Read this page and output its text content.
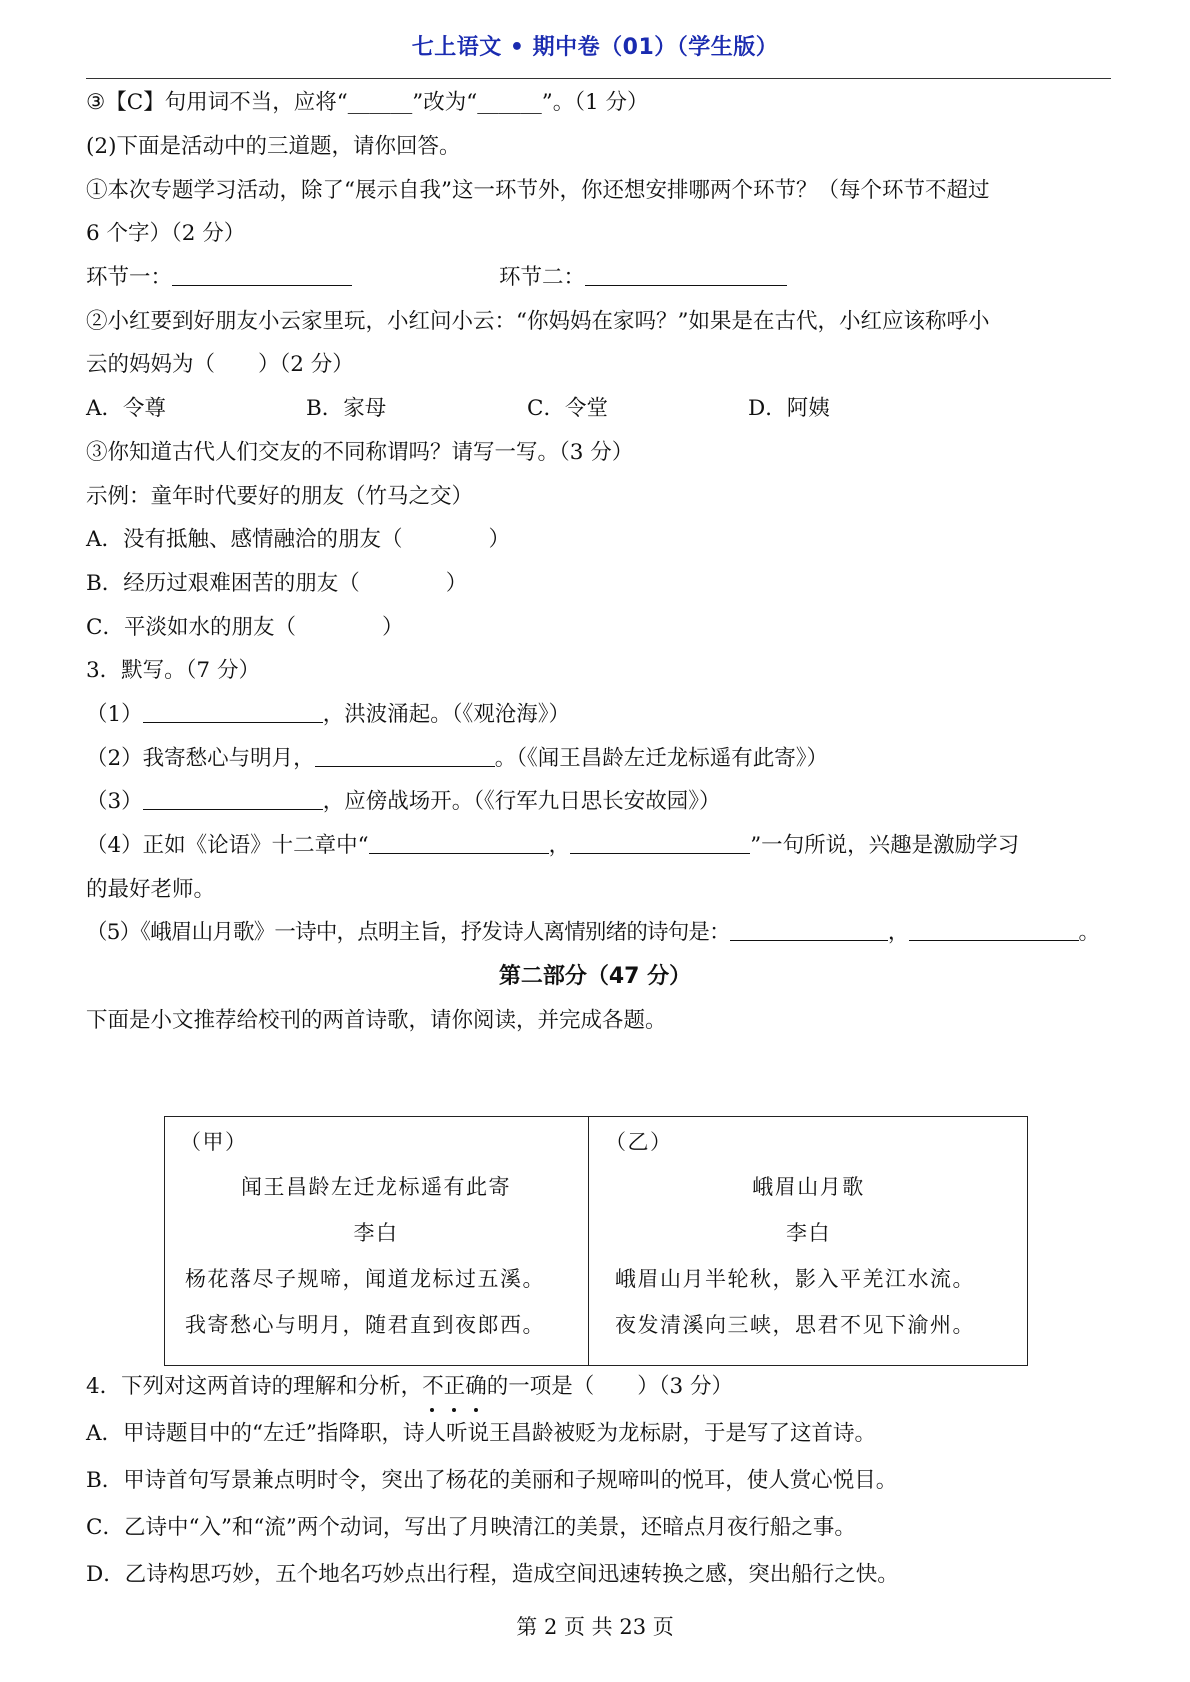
七上语文 • 期中卷（01）（学生版）
③【C】句用词不当，应将“______”改为“______”。（1 分）
(2)下面是活动中的三道题，请你回答。
①本次专题学习活动，除了“展示自我”这一环节外，你还想安排哪两个环节？（每个环节不超过
6 个字）（2 分）
环节一：	环节二：
②小红要到好朋友小云家里玩，小红问小云：“你妈妈在家吗？”如果是在古代，小红应该称呼小
云的妈妈为（　　）（2 分）
A．令尊	B．家母	C．令堂	D．阿姨
③你知道古代人们交友的不同称谓吗？请写一写。（3 分）
示例：童年时代要好的朋友（竹马之交）
A．没有抵触、感情融洽的朋友（　　　　）
B．经历过艰难困苦的朋友（　　　　）
C．平淡如水的朋友（　　　　）
3．默写。（7 分）
（1）	，洪波涌起。（《观沧海》）
（2）我寄愁心与明月，	。（《闻王昌龄左迁龙标遥有此寄》）
（3）	，应傍战场开。（《行军九日思长安故园》）
（4）正如《论语》十二章中“	，	”一句所说，兴趣是激励学习
的最好老师。
（5）《峨眉山月歌》一诗中，点明主旨，抒发诗人离情别绪的诗句是：	，	。
第二部分（47 分）
下面是小文推荐给校刊的两首诗歌，请你阅读，并完成各题。
（甲）
闻王昌龄左迁龙标遥有此寄
李白
杨花落尽子规啼，闻道龙标过五溪。
我寄愁心与明月，随君直到夜郎西。
（乙）
峨眉山月歌
李白
峨眉山月半轮秋，影入平羌江水流。
夜发清溪向三峡，思君不见下渝州。
4．下列对这两首诗的理解和分析，不正确
的一项是（　　）（3 分）
A．甲诗题目中的“左迁”指降职，诗人听说王昌龄被贬为龙标尉，于是写了这首诗。
B．甲诗首句写景兼点明时令，突出了杨花的美丽和子规啼叫的悦耳，使人赏心悦目。
C．乙诗中“入”和“流”两个动词，写出了月映清江的美景，还暗点月夜行船之事。
D．乙诗构思巧妙，五个地名巧妙点出行程，造成空间迅速转换之感，突出船行之快。
第 2 页 共 23 页
